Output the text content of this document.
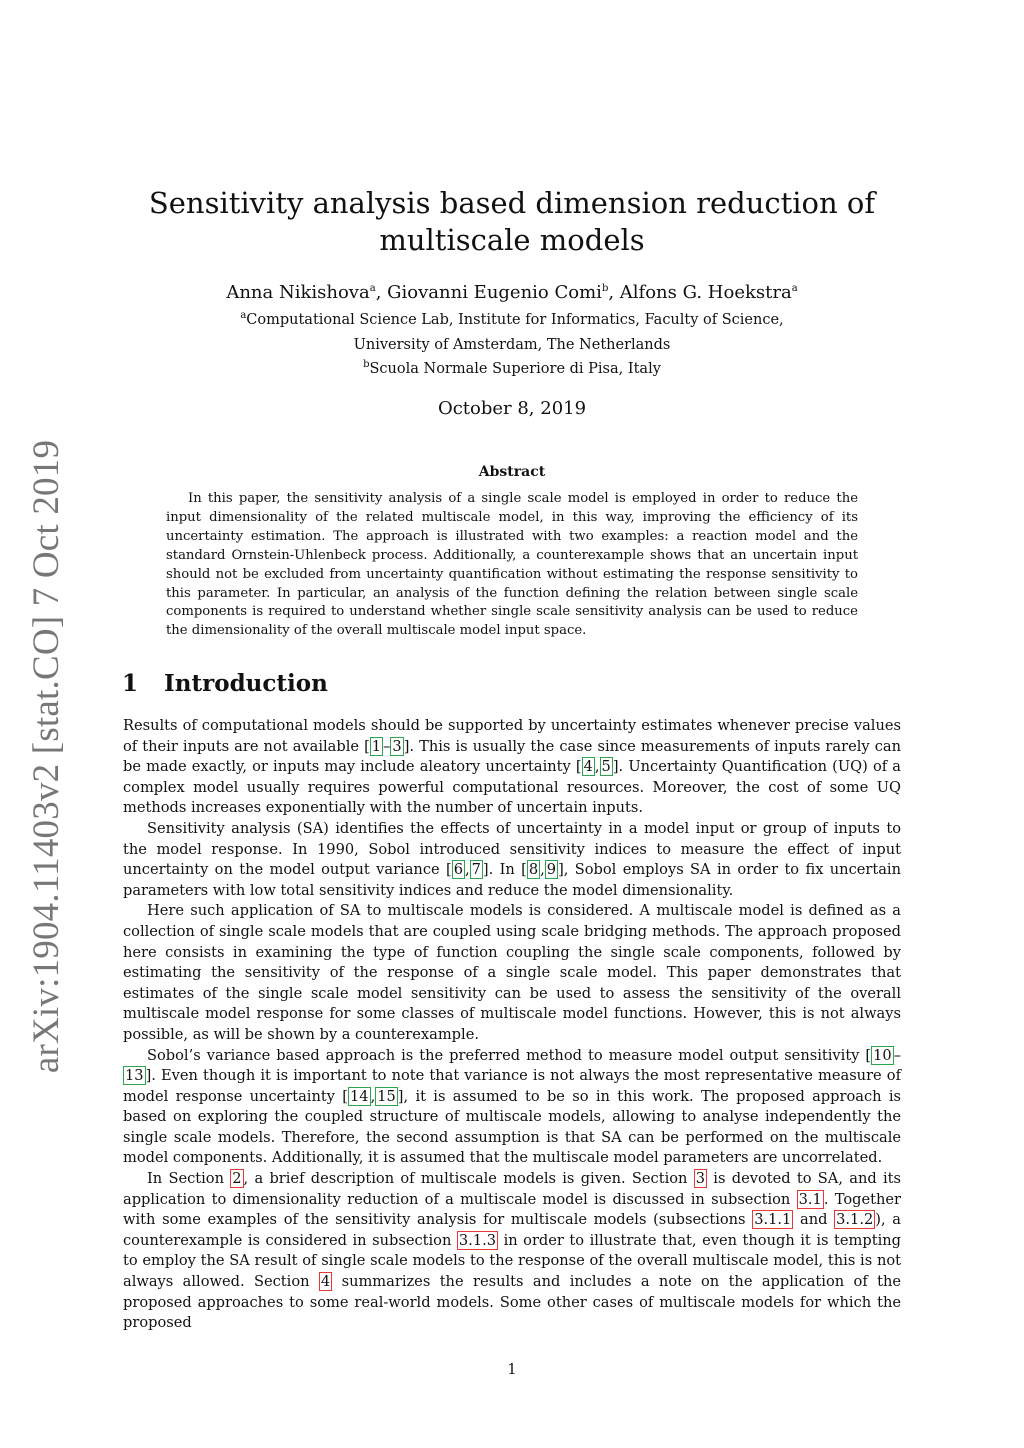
arXiv:1904.11403v2 [stat.CO] 7 Oct 2019
Sensitivity analysis based dimension reduction of multiscale models
Anna Nikishova$^a$, Giovanni Eugenio Comi$^b$, Alfons G. Hoekstra$^a$
$^a$Computational Science Lab, Institute for Informatics, Faculty of Science,
University of Amsterdam, The Netherlands
$^b$Scuola Normale Superiore di Pisa, Italy
October 8, 2019
Abstract

In this paper, the sensitivity analysis of a single scale model is employed in order to reduce the input dimensionality of the related multiscale model, in this way, improving the efficiency of its uncertainty estimation. The approach is illustrated with two examples: a reaction model and the standard Ornstein-Uhlenbeck process. Additionally, a counterexample shows that an uncertain input should not be excluded from uncertainty quantification without estimating the response sensitivity to this parameter. In particular, an analysis of the function defining the relation between single scale components is required to understand whether single scale sensitivity analysis can be used to reduce the dimensionality of the overall multiscale model input space.

1 Introduction

Results of computational models should be supported by uncertainty estimates whenever precise values of their inputs are not available [ 1 – 3 ]. This is usually the case since measurements of inputs rarely can be made exactly, or inputs may include aleatory uncertainty [ 4 , 5 ]. Uncertainty Quantification (UQ) of a complex model usually requires powerful computational resources. Moreover, the cost of some UQ methods increases exponentially with the number of uncertain inputs.

Sensitivity analysis (SA) identifies the effects of uncertainty in a model input or group of inputs to the model response. In 1990, Sobol introduced sensitivity indices to measure the effect of input uncertainty on the model output variance [ 6 , 7 ]. In [ 8 , 9 ], Sobol employs SA in order to fix uncertain parameters with low total sensitivity indices and reduce the model dimensionality.

Here such application of SA to multiscale models is considered. A multiscale model is defined as a collection of single scale models that are coupled using scale bridging methods. The approach proposed here consists in examining the type of function coupling the single scale components, followed by estimating the sensitivity of the response of a single scale model. This paper demonstrates that estimates of the single scale model sensitivity can be used to assess the sensitivity of the overall multiscale model response for some classes of multiscale model functions. However, this is not always possible, as will be shown by a counterexample.

Sobol’s variance based approach is the preferred method to measure model output sensitivity [ 10 –13 ]. Even though it is important to note that variance is not always the most representative measure of model response uncertainty [ 14 , 15 ], it is assumed to be so in this work. The proposed approach is based on exploring the coupled structure of multiscale models, allowing to analyse independently the single scale models. Therefore, the second assumption is that SA can be performed on the multiscale model components. Additionally, it is assumed that the multiscale model parameters are uncorrelated.

In Section 2 , a brief description of multiscale models is given. Section 3 is devoted to SA, and its application to dimensionality reduction of a multiscale model is discussed in subsection 3.1 . Together with some examples of the sensitivity analysis for multiscale models (subsections 3.1.1 and 3.1.2 ), a counterexample is considered in subsection 3.1.3 in order to illustrate that, even though it is tempting to employ the SA result of single scale models to the response of the overall multiscale model, this is not always allowed. Section 4 summarizes the results and includes a note on the application of the proposed approaches to some real-world models. Some other cases of multiscale models for which the proposed

1
